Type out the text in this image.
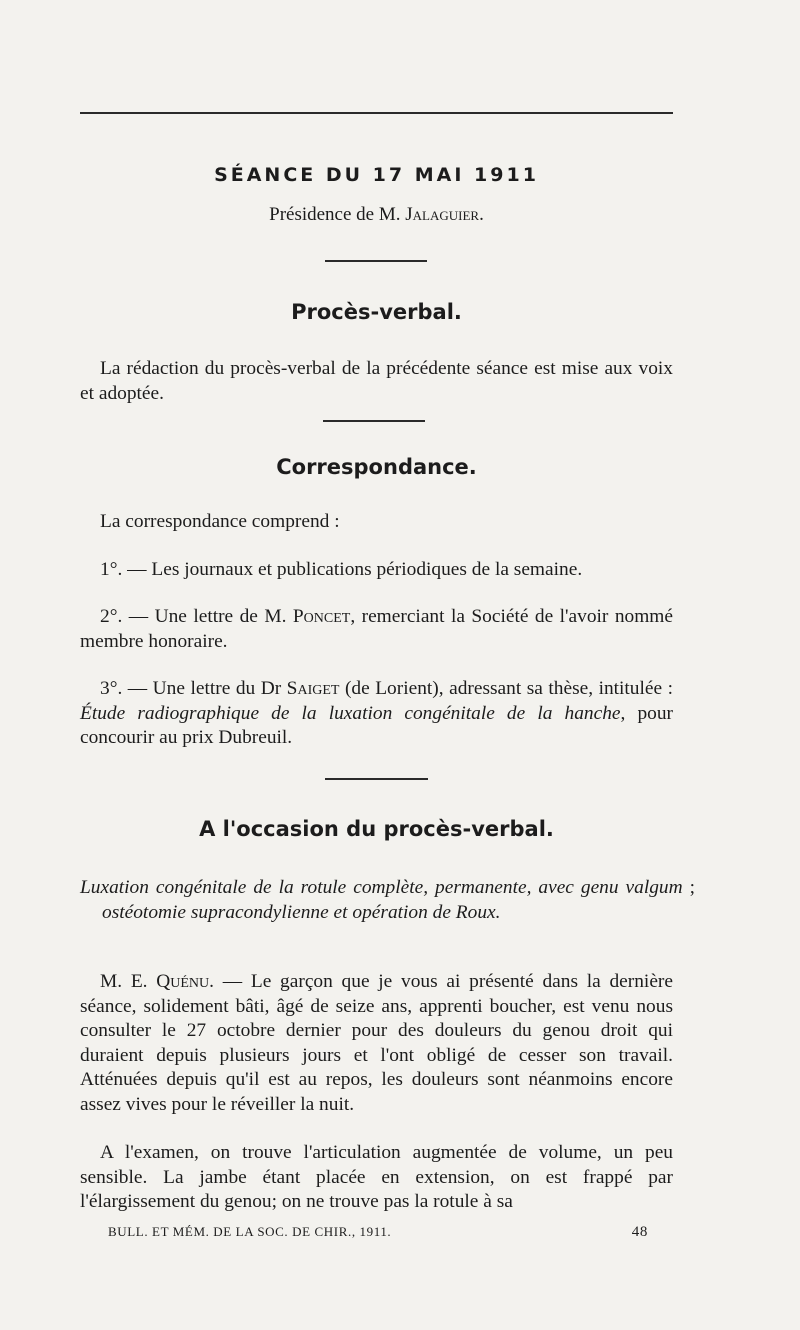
SÉANCE DU 17 MAI 1911
Présidence de M. Jalaguier.
Procès-verbal.
La rédaction du procès-verbal de la précédente séance est mise aux voix et adoptée.
Correspondance.
La correspondance comprend :
1°. — Les journaux et publications périodiques de la semaine.
2°. — Une lettre de M. Poncet, remerciant la Société de l'avoir nommé membre honoraire.
3°. — Une lettre du Dr Saiget (de Lorient), adressant sa thèse, intitulée : Étude radiographique de la luxation congénitale de la hanche, pour concourir au prix Dubreuil.
A l'occasion du procès-verbal.
Luxation congénitale de la rotule complète, permanente, avec genu valgum ; ostéotomie supracondylienne et opération de Roux.
M. E. Quénu. — Le garçon que je vous ai présenté dans la dernière séance, solidement bâti, âgé de seize ans, apprenti boucher, est venu nous consulter le 27 octobre dernier pour des douleurs du genou droit qui duraient depuis plusieurs jours et l'ont obligé de cesser son travail. Atténuées depuis qu'il est au repos, les douleurs sont néanmoins encore assez vives pour le réveiller la nuit.
A l'examen, on trouve l'articulation augmentée de volume, un peu sensible. La jambe étant placée en extension, on est frappé par l'élargissement du genou; on ne trouve pas la rotule à sa
BULL. ET MÉM. DE LA SOC. DE CHIR., 1911.	48
